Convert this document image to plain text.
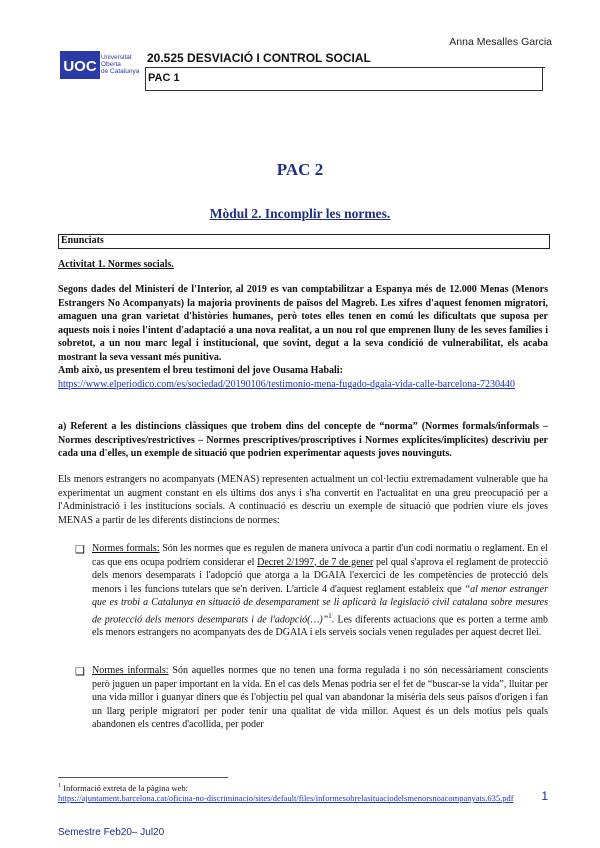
Anna Mesalles Garcia
UOC
Universitat
Oberta
de Catalunya
20.525 DESVIACIÓ I CONTROL SOCIAL
PAC 1
PAC 2
Mòdul 2. Incomplir les normes.
Enunciats
Activitat 1. Normes socials.
Segons dades del Ministeri de l'Interior, al 2019 es van comptabilitzar a Espanya més de 12.000 Menas (Menors Estrangers No Acompanyats) la majoria provinents de països del Magreb. Les xifres d'aquest fenomen migratori, amaguen una gran varietat d'històries humanes, però totes elles tenen en comú les dificultats que suposa per aquests nois i noies l'intent d'adaptació a una nova realitat, a un nou rol que emprenen lluny de les seves famílies i sobretot, a un nou marc legal i institucional, que sovint, degut a la seva condició de vulnerabilitat, els acaba mostrant la seva vessant més punitiva.
Amb això, us presentem el breu testimoni del jove Ousama Habali:
https://www.elperiodico.com/es/sociedad/20190106/testimonio-mena-fugado-dgaia-vida-calle-barcelona-7230440
a) Referent a les distincions clàssiques que trobem dins del concepte de “norma” (Normes formals/informals – Normes descriptives/restrictives – Normes prescriptives/proscriptives i Normes explícites/implícites) descriviu per cada una d'elles, un exemple de situació que podrien experimentar aquests joves nouvinguts.
Els menors estrangers no acompanyats (MENAS) representen actualment un col·lectiu extremadament vulnerable que ha experimentat un augment constant en els últims dos anys i s'ha convertit en l'actualitat en una greu preocupació per a l'Administració i les institucions socials. A continuació es descriu un exemple de situació que podrien viure els joves MENAS a partir de les diferents distincions de normes:
❑ Normes formals: Són les normes que es regulen de manera unívoca a partir d'un codi normatiu o reglament. En el cas que ens ocupa podríem considerar el Decret 2/1997, de 7 de gener pel qual s'aprova el reglament de protecció dels menors desemparats i l'adopció que atorga a la DGAIA l'exercici de les competències de protecció dels menors i les funcions tutelars que se'n deriven. L'article 4 d'aquest reglament estableix que “al menor estranger que es trobi a Catalunya en situació de desemparament se li aplicarà la legislació civil catalana sobre mesures de protecció dels menors desemparats i de l'adopció(…)”$^1$. Les diferents actuacions que es porten a terme amb els menors estrangers no acompanyats des de DGAIA i els serveis socials venen regulades per aquest decret llei.
❑ Normes informals: Són aquelles normes que no tenen una forma regulada i no són necessàriament conscients però juguen un paper important en la vida. En el cas dels Menas podria ser el fet de “buscar-se la vida”, lluitar per una vida millor i guanyar diners que és l'objectiu pel qual van abandonar la misèria dels seus països d'origen i fan un llarg periple migratori per poder tenir una qualitat de vida millor. Aquest és un dels motius pels quals abandonen els centres d'acollida, per poder
$^1$ Informació extreta de la pàgina web:
https://ajuntament.barcelona.cat/oficina-no-discriminacio/sites/default/files/informesobrelasituaciodelsmenorsnoacompanyats.635.pdf	1
Semestre Feb20– Jul20
